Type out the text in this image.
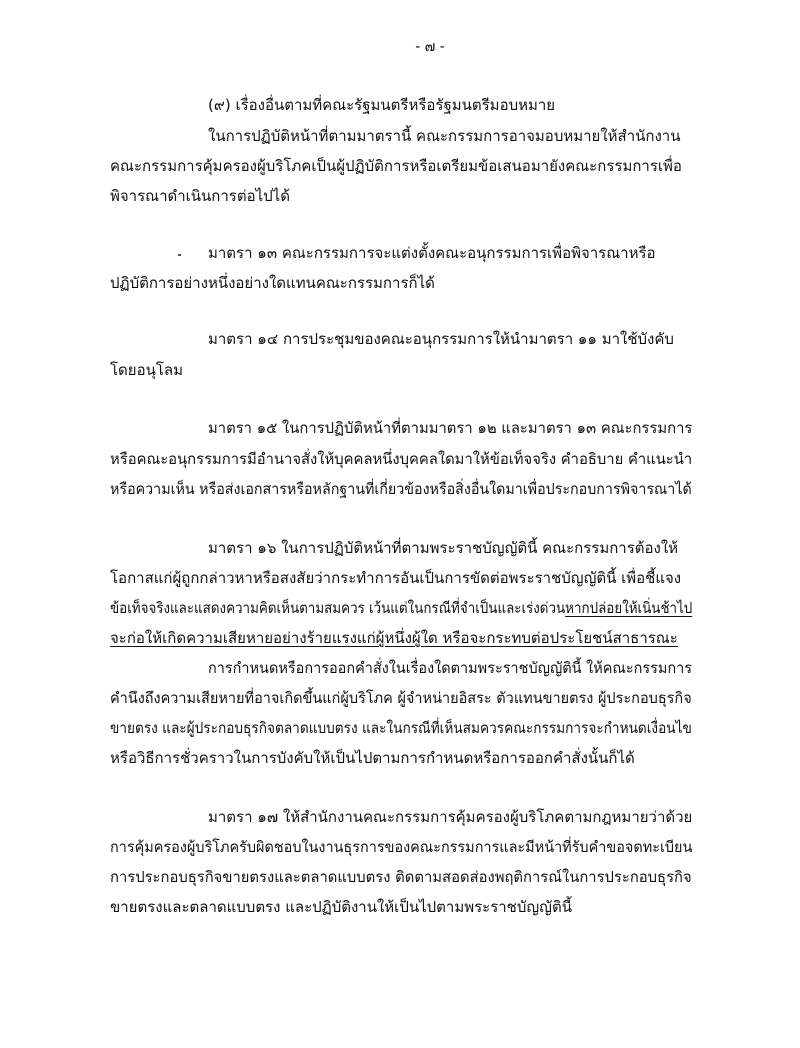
- ๗ -
(๙) เรื่องอื่นตามที่คณะรัฐมนตรีหรือรัฐมนตรีมอบหมาย
ในการปฏิบัติหน้าที่ตามมาตรานี้ คณะกรรมการอาจมอบหมายให้สำนักงาน
คณะกรรมการคุ้มครองผู้บริโภคเป็นผู้ปฏิบัติการหรือเตรียมข้อเสนอมายังคณะกรรมการเพื่อ
พิจารณาดำเนินการต่อไปได้
มาตรา ๑๓ คณะกรรมการจะแต่งตั้งคณะอนุกรรมการเพื่อพิจารณาหรือ
ปฏิบัติการอย่างหนึ่งอย่างใดแทนคณะกรรมการก็ได้
มาตรา ๑๔ การประชุมของคณะอนุกรรมการให้นำมาตรา ๑๑ มาใช้บังคับ
โดยอนุโลม
มาตรา ๑๕ ในการปฏิบัติหน้าที่ตามมาตรา ๑๒ และมาตรา ๑๓ คณะกรรมการ
หรือคณะอนุกรรมการมีอำนาจสั่งให้บุคคลหนึ่งบุคคลใดมาให้ข้อเท็จจริง คำอธิบาย คำแนะนำ
หรือความเห็น หรือส่งเอกสารหรือหลักฐานที่เกี่ยวข้องหรือสิ่งอื่นใดมาเพื่อประกอบการพิจารณาได้
มาตรา ๑๖ ในการปฏิบัติหน้าที่ตามพระราชบัญญัตินี้ คณะกรรมการต้องให้
โอกาสแก่ผู้ถูกกล่าวหาหรือสงสัยว่ากระทำการอันเป็นการขัดต่อพระราชบัญญัตินี้ เพื่อชี้แจง
ข้อเท็จจริงและแสดงความคิดเห็นตามสมควร เว้นแต่ในกรณีที่จำเป็นและเร่งด่วนหากปล่อยให้เนิ่นช้าไป
จะก่อให้เกิดความเสียหายอย่างร้ายแรงแก่ผู้หนึ่งผู้ใด หรือจะกระทบต่อประโยชน์สาธารณะ
การกำหนดหรือการออกคำสั่งในเรื่องใดตามพระราชบัญญัตินี้ ให้คณะกรรมการ
คำนึงถึงความเสียหายที่อาจเกิดขึ้นแก่ผู้บริโภค ผู้จำหน่ายอิสระ ตัวแทนขายตรง ผู้ประกอบธุรกิจ
ขายตรง และผู้ประกอบธุรกิจตลาดแบบตรง และในกรณีที่เห็นสมควรคณะกรรมการจะกำหนดเงื่อนไข
หรือวิธีการชั่วคราวในการบังคับให้เป็นไปตามการกำหนดหรือการออกคำสั่งนั้นก็ได้
มาตรา ๑๗ ให้สำนักงานคณะกรรมการคุ้มครองผู้บริโภคตามกฎหมายว่าด้วย
การคุ้มครองผู้บริโภครับผิดชอบในงานธุรการของคณะกรรมการและมีหน้าที่รับคำขอจดทะเบียน
การประกอบธุรกิจขายตรงและตลาดแบบตรง ติดตามสอดส่องพฤติการณ์ในการประกอบธุรกิจ
ขายตรงและตลาดแบบตรง และปฏิบัติงานให้เป็นไปตามพระราชบัญญัตินี้
